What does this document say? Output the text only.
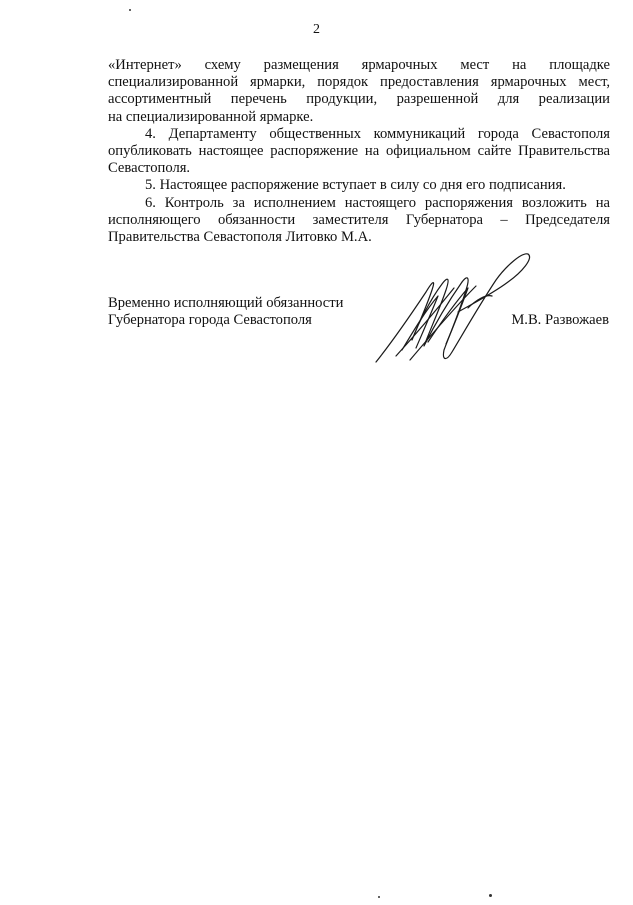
2

«Интернет» схему размещения ярмарочных мест на площадке

специализированной ярмарки, порядок предоставления ярмарочных мест,

ассортиментный перечень продукции, разрешенной для реализации

на специализированной ярмарке.

4. Департаменту общественных коммуникаций города Севастополя опубликовать настоящее распоряжение на официальном сайте Правительства Севастополя.

5. Настоящее распоряжение вступает в силу со дня его подписания.

6. Контроль за исполнением настоящего распоряжения возложить на исполняющего обязанности заместителя Губернатора – Председателя Правительства Севастополя Литовко М.А.

Временно исполняющий обязанности
Губернатора города Севастополя	М.В. Развожаев
